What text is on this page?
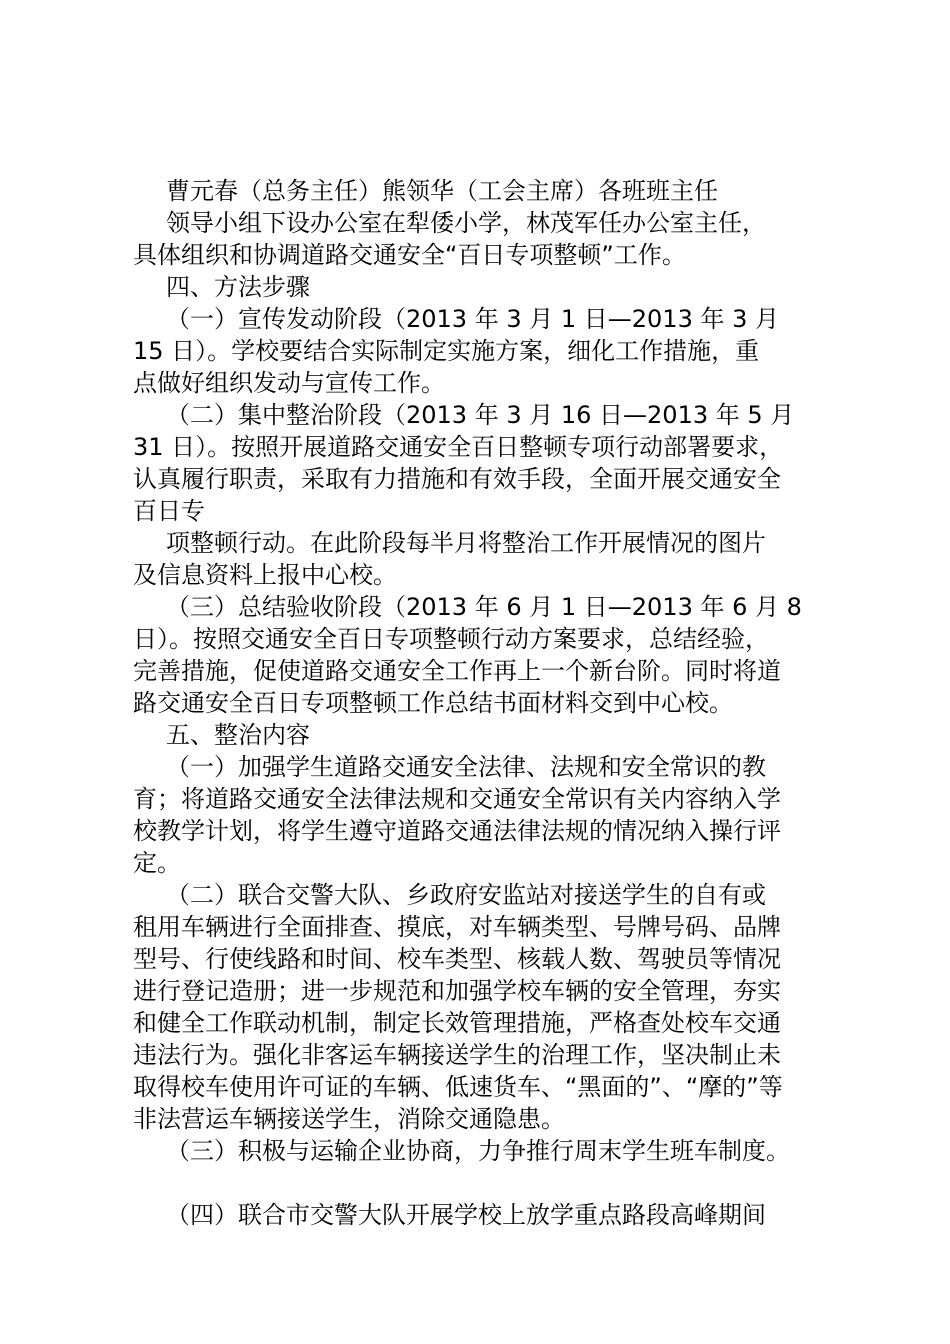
曹元春（总务主任）熊领华（工会主席）各班班主任
领导小组下设办公室在犁倭小学，林茂军任办公室主任，
具体组织和协调道路交通安全“百日专项整顿”工作。
四、方法步骤
（一）宣传发动阶段（2013 年 3 月 1 日—2013 年 3 月
15 日）。学校要结合实际制定实施方案，细化工作措施，重
点做好组织发动与宣传工作。
（二）集中整治阶段（2013 年 3 月 16 日—2013 年 5 月
31 日）。按照开展道路交通安全百日整顿专项行动部署要求，
认真履行职责，采取有力措施和有效手段，全面开展交通安全
百日专
项整顿行动。在此阶段每半月将整治工作开展情况的图片
及信息资料上报中心校。
（三）总结验收阶段（2013 年 6 月 1 日—2013 年 6 月 8
日）。按照交通安全百日专项整顿行动方案要求，总结经验，
完善措施，促使道路交通安全工作再上一个新台阶。同时将道
路交通安全百日专项整顿工作总结书面材料交到中心校。
五、整治内容
（一）加强学生道路交通安全法律、法规和安全常识的教
育；将道路交通安全法律法规和交通安全常识有关内容纳入学
校教学计划，将学生遵守道路交通法律法规的情况纳入操行评
定。
（二）联合交警大队、乡政府安监站对接送学生的自有或
租用车辆进行全面排查、摸底，对车辆类型、号牌号码、品牌
型号、行使线路和时间、校车类型、核载人数、驾驶员等情况
进行登记造册；进一步规范和加强学校车辆的安全管理，夯实
和健全工作联动机制，制定长效管理措施，严格查处校车交通
违法行为。强化非客运车辆接送学生的治理工作，坚决制止未
取得校车使用许可证的车辆、低速货车、“黑面的”、“摩的”等
非法营运车辆接送学生，消除交通隐患。
（三）积极与运输企业协商，力争推行周末学生班车制度。
（四）联合市交警大队开展学校上放学重点路段高峰期间
